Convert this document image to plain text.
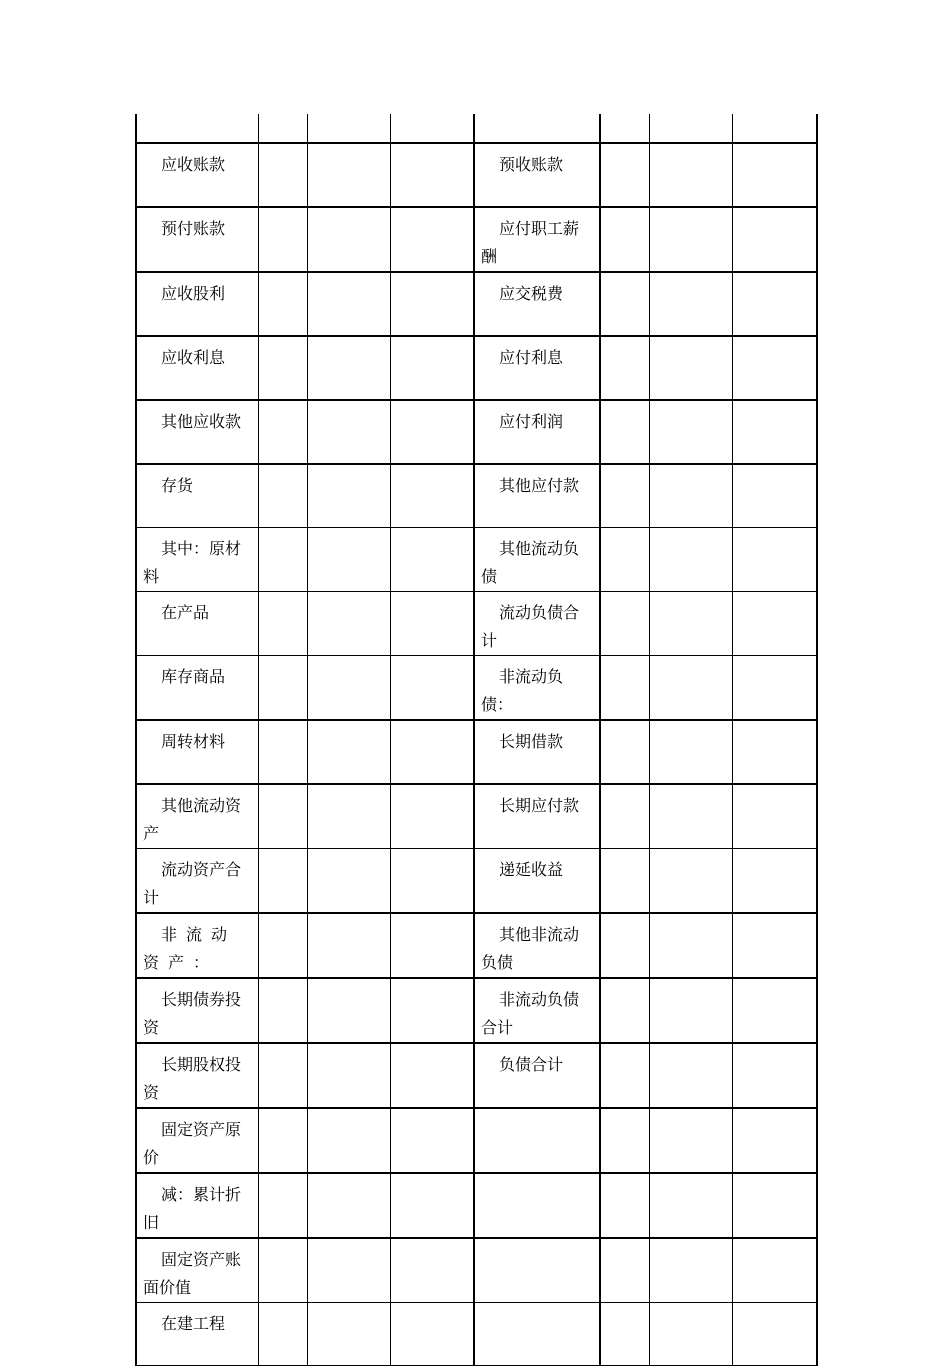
应收账款				预收账款			
预付账款				应付职工薪酬			
应收股利				应交税费			
应收利息				应付利息			
其他应收款				应付利润			
存货				其他应付款			
其中：原材料				其他流动负债			
在产品				流动负债合计			
库存商品				非流动负债：			
周转材料				长期借款			
其他流动资产				长期应付款			
流动资产合计				递延收益			
非流动资产：				其他非流动负债			
长期债券投资				非流动负债合计			
长期股权投资				负债合计			
固定资产原价							
减：累计折旧							
固定资产账面价值							
在建工程							
